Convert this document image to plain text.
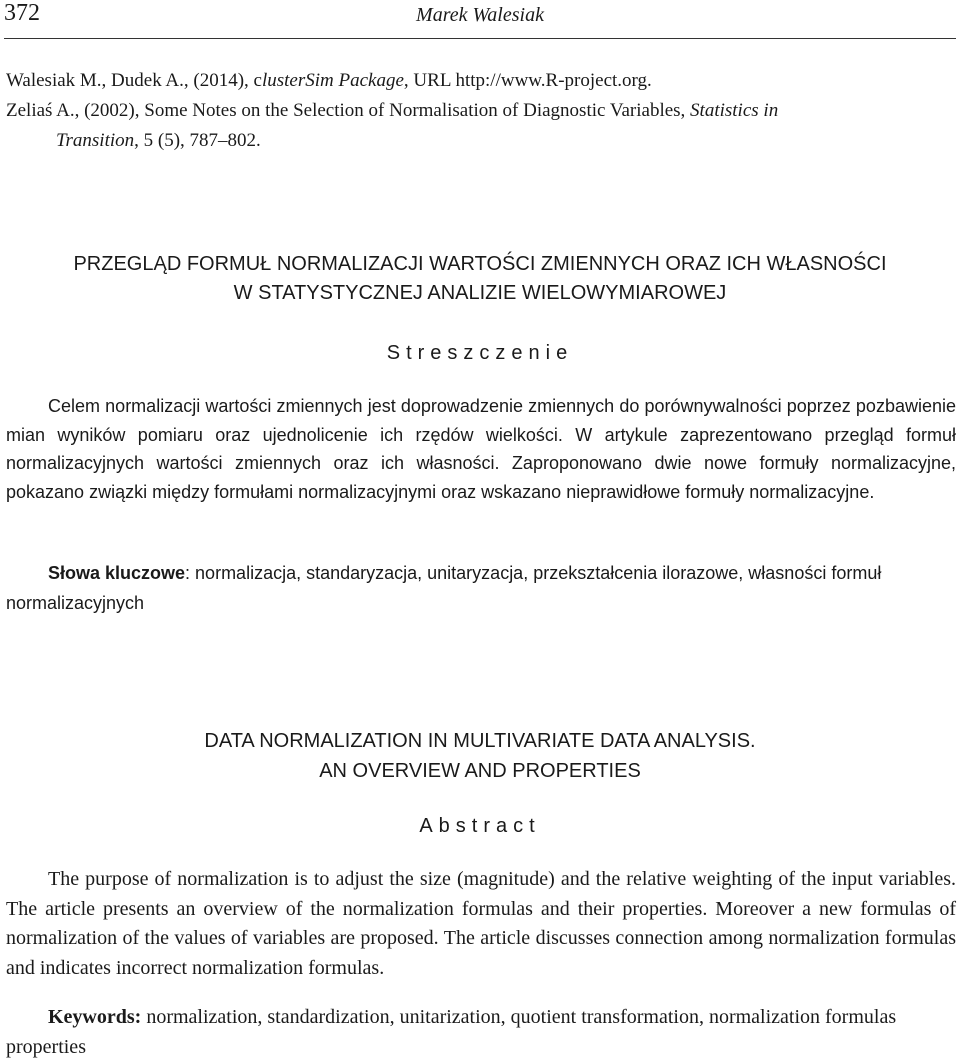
372	Marek Walesiak

Walesiak M., Dudek A., (2014), clusterSim Package, URL http://www.R-project.org.

Zeliaś A., (2002), Some Notes on the Selection of Normalisation of Diagnostic Variables, Statistics in
Transition, 5 (5), 787–802.

PRZEGLĄD FORMUŁ NORMALIZACJI WARTOŚCI ZMIENNYCH ORAZ ICH WŁASNOŚCI
W STATYSTYCZNEJ ANALIZIE WIELOWYMIAROWEJ
Streszczenie

Celem normalizacji wartości zmiennych jest doprowadzenie zmiennych do porównywalności poprzez pozbawienie mian wyników pomiaru oraz ujednolicenie ich rzędów wielkości. W artykule zaprezentowano przegląd formuł normalizacyjnych wartości zmiennych oraz ich własności. Zaproponowano dwie nowe formuły normalizacyjne, pokazano związki między formułami normalizacyjnymi oraz wskazano nieprawidłowe formuły normalizacyjne.

Słowa kluczowe: normalizacja, standaryzacja, unitaryzacja, przekształcenia ilorazowe, własności formuł normalizacyjnych

DATA NORMALIZATION IN MULTIVARIATE DATA ANALYSIS.
AN OVERVIEW AND PROPERTIES
Abstract

The purpose of normalization is to adjust the size (magnitude) and the relative weighting of the input variables. The article presents an overview of the normalization formulas and their properties. Moreover a new formulas of normalization of the values of variables are proposed. The article discusses connection among normalization formulas and indicates incorrect normalization formulas.

Keywords: normalization, standardization, unitarization, quotient transformation, normalization formulas properties
